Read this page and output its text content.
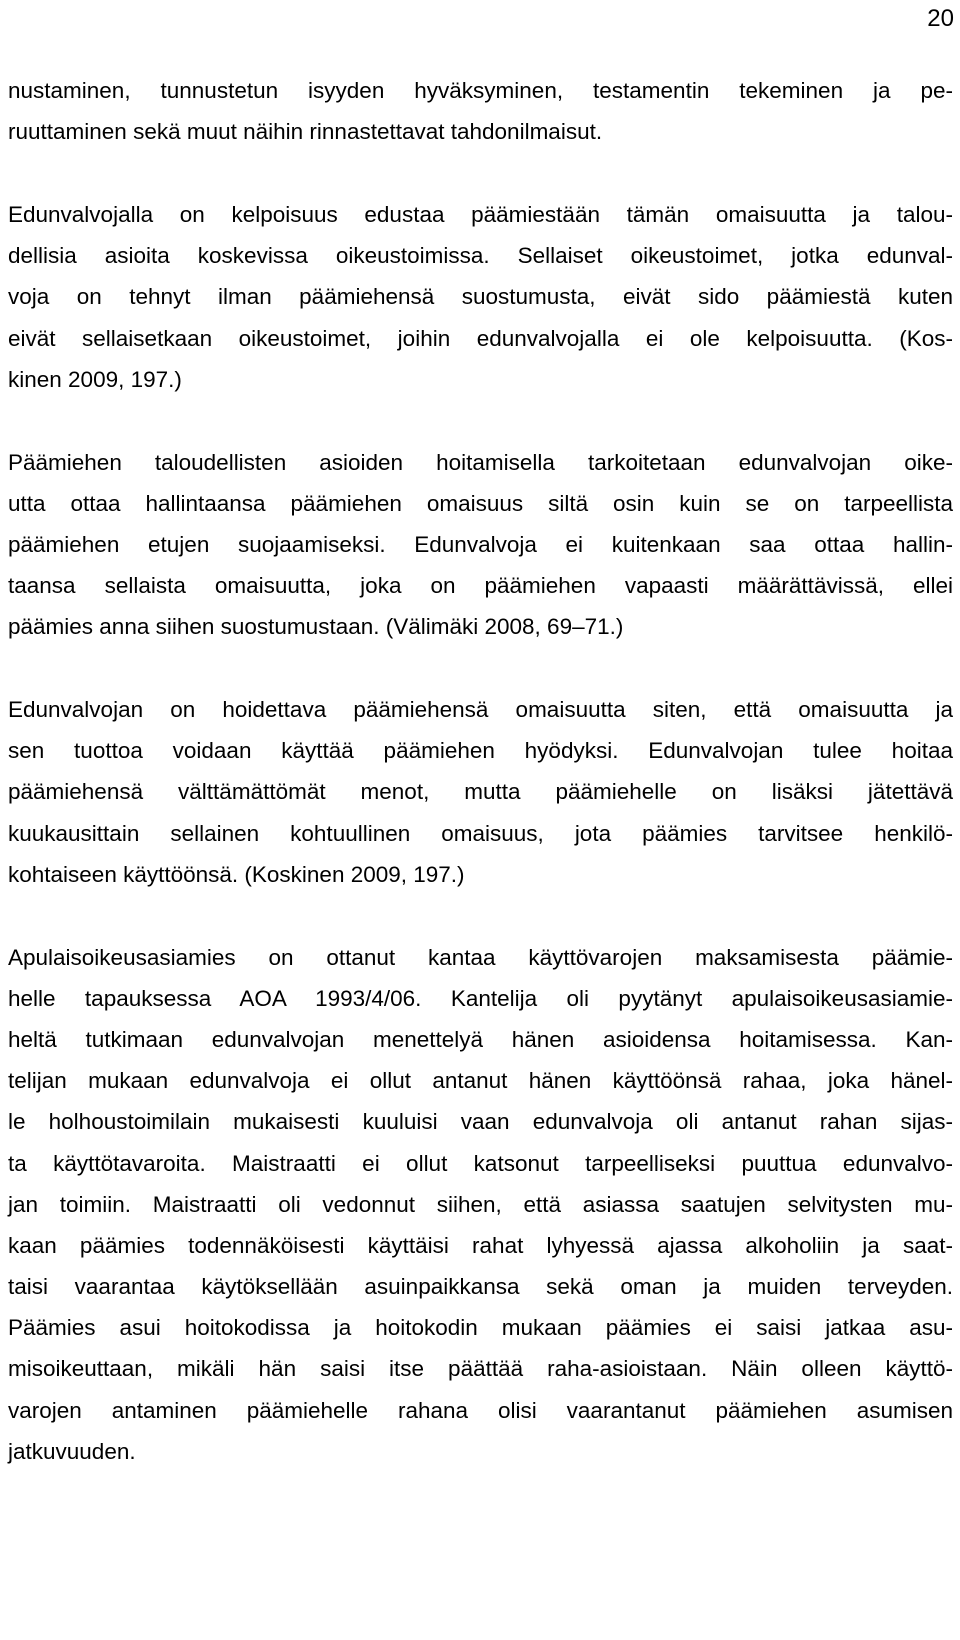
20
nustaminen, tunnustetun isyyden hyväksyminen, testamentin tekeminen ja pe-
ruuttaminen sekä muut näihin rinnastettavat tahdonilmaisut.
Edunvalvojalla on kelpoisuus edustaa päämiestään tämän omaisuutta ja talou-
dellisia asioita koskevissa oikeustoimissa. Sellaiset oikeustoimet, jotka edunval-
voja on tehnyt ilman päämiehensä suostumusta, eivät sido päämiestä kuten
eivät sellaisetkaan oikeustoimet, joihin edunvalvojalla ei ole kelpoisuutta. (Kos-
kinen 2009, 197.)
Päämiehen taloudellisten asioiden hoitamisella tarkoitetaan edunvalvojan oike-
utta ottaa hallintaansa päämiehen omaisuus siltä osin kuin se on tarpeellista
päämiehen etujen suojaamiseksi. Edunvalvoja ei kuitenkaan saa ottaa hallin-
taansa sellaista omaisuutta, joka on päämiehen vapaasti määrättävissä, ellei
päämies anna siihen suostumustaan. (Välimäki 2008, 69–71.)
Edunvalvojan on hoidettava päämiehensä omaisuutta siten, että omaisuutta ja
sen tuottoa voidaan käyttää päämiehen hyödyksi. Edunvalvojan tulee hoitaa
päämiehensä välttämättömät menot, mutta päämiehelle on lisäksi jätettävä
kuukausittain sellainen kohtuullinen omaisuus, jota päämies tarvitsee henkilö-
kohtaiseen käyttöönsä. (Koskinen 2009, 197.)
Apulaisoikeusasiamies on ottanut kantaa käyttövarojen maksamisesta päämie-
helle tapauksessa AOA 1993/4/06. Kantelija oli pyytänyt apulaisoikeusasiamie-
heltä tutkimaan edunvalvojan menettelyä hänen asioidensa hoitamisessa. Kan-
telijan mukaan edunvalvoja ei ollut antanut hänen käyttöönsä rahaa, joka hänel-
le holhoustoimilain mukaisesti kuuluisi vaan edunvalvoja oli antanut rahan sijas-
ta käyttötavaroita. Maistraatti ei ollut katsonut tarpeelliseksi puuttua edunvalvo-
jan toimiin. Maistraatti oli vedonnut siihen, että asiassa saatujen selvitysten mu-
kaan päämies todennäköisesti käyttäisi rahat lyhyessä ajassa alkoholiin ja saat-
taisi vaarantaa käytöksellään asuinpaikkansa sekä oman ja muiden terveyden.
Päämies asui hoitokodissa ja hoitokodin mukaan päämies ei saisi jatkaa asu-
misoikeuttaan, mikäli hän saisi itse päättää raha-asioistaan. Näin olleen käyttö-
varojen antaminen päämiehelle rahana olisi vaarantanut päämiehen asumisen
jatkuvuuden.
